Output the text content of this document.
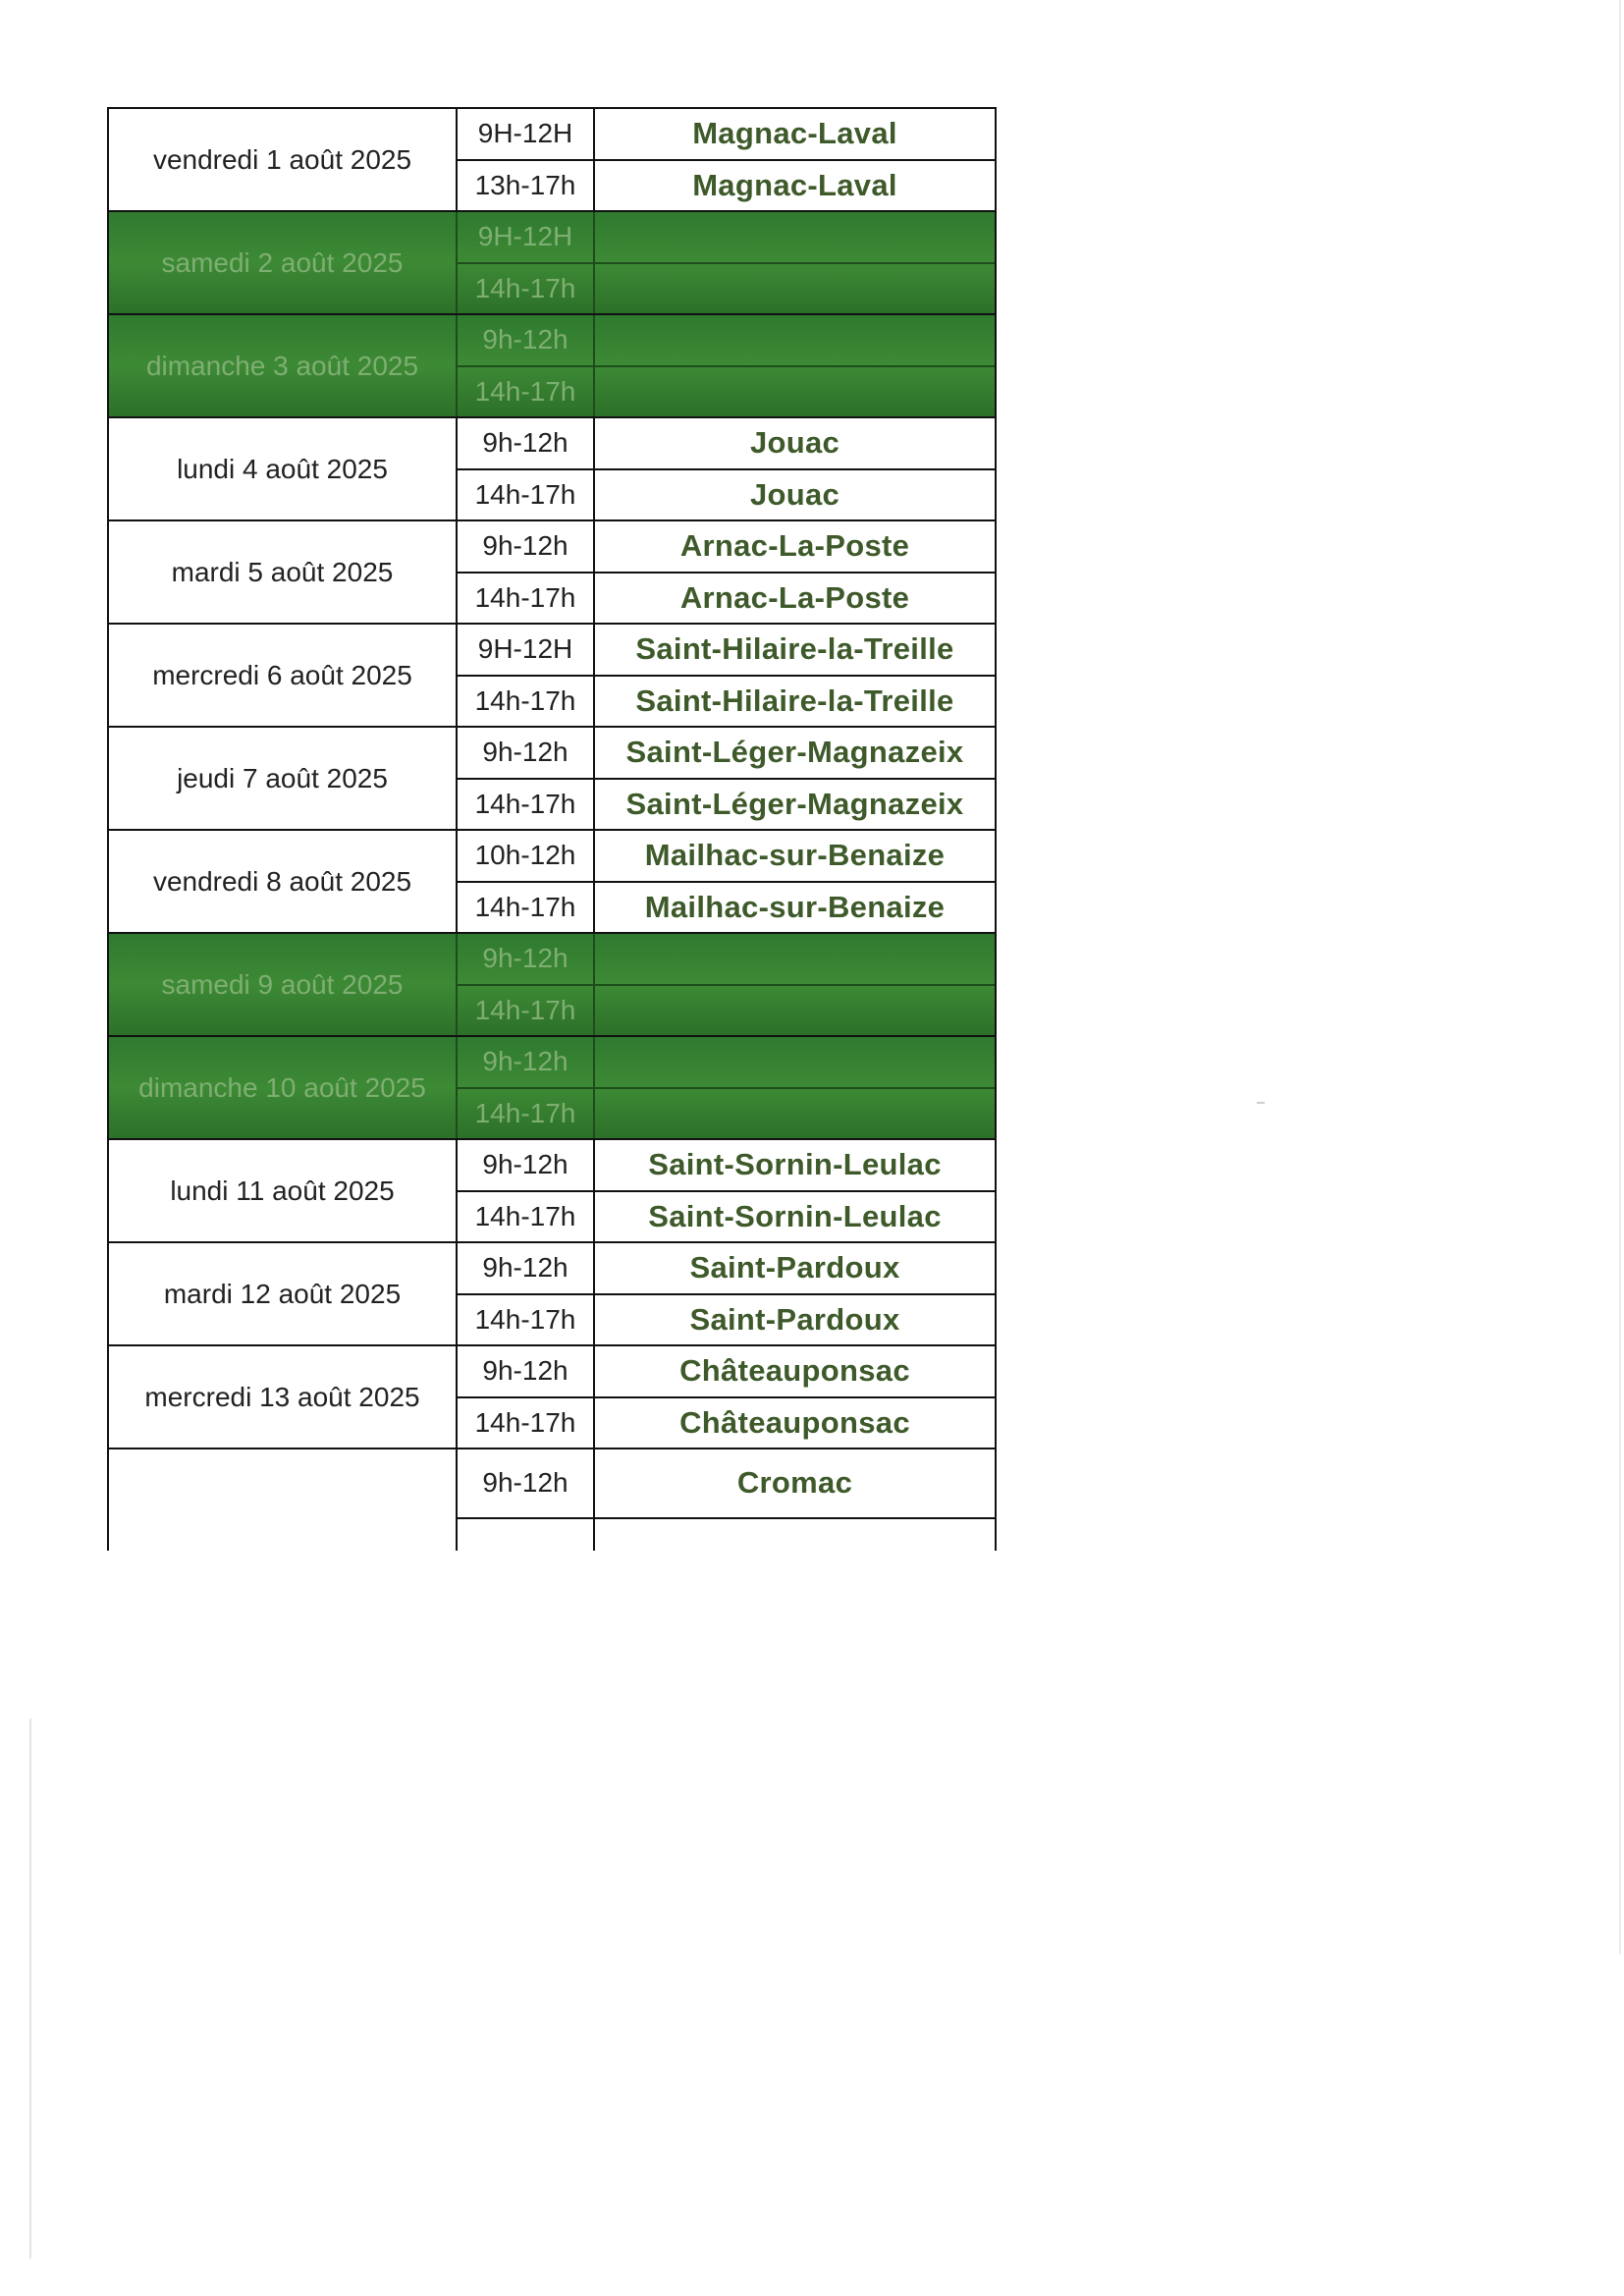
vendredi 1 août 2025
9H-12H	Magnac-Laval
13h-17h	Magnac-Laval
samedi 2 août 2025
9H-12H
14h-17h
dimanche 3 août 2025
9h-12h
14h-17h
lundi 4 août 2025
9h-12h	Jouac
14h-17h	Jouac
mardi 5 août 2025
9h-12h	Arnac-La-Poste
14h-17h	Arnac-La-Poste
mercredi 6 août 2025
9H-12H	Saint-Hilaire-la-Treille
14h-17h	Saint-Hilaire-la-Treille
jeudi 7 août 2025
9h-12h	Saint-Léger-Magnazeix
14h-17h	Saint-Léger-Magnazeix
vendredi 8 août 2025
10h-12h	Mailhac-sur-Benaize
14h-17h	Mailhac-sur-Benaize
samedi 9 août 2025
9h-12h
14h-17h
dimanche 10 août 2025
9h-12h
14h-17h
lundi 11 août 2025
9h-12h	Saint-Sornin-Leulac
14h-17h	Saint-Sornin-Leulac
mardi 12 août 2025
9h-12h	Saint-Pardoux
14h-17h	Saint-Pardoux
mercredi 13 août 2025
9h-12h	Châteauponsac
14h-17h	Châteauponsac
9h-12h	Cromac
